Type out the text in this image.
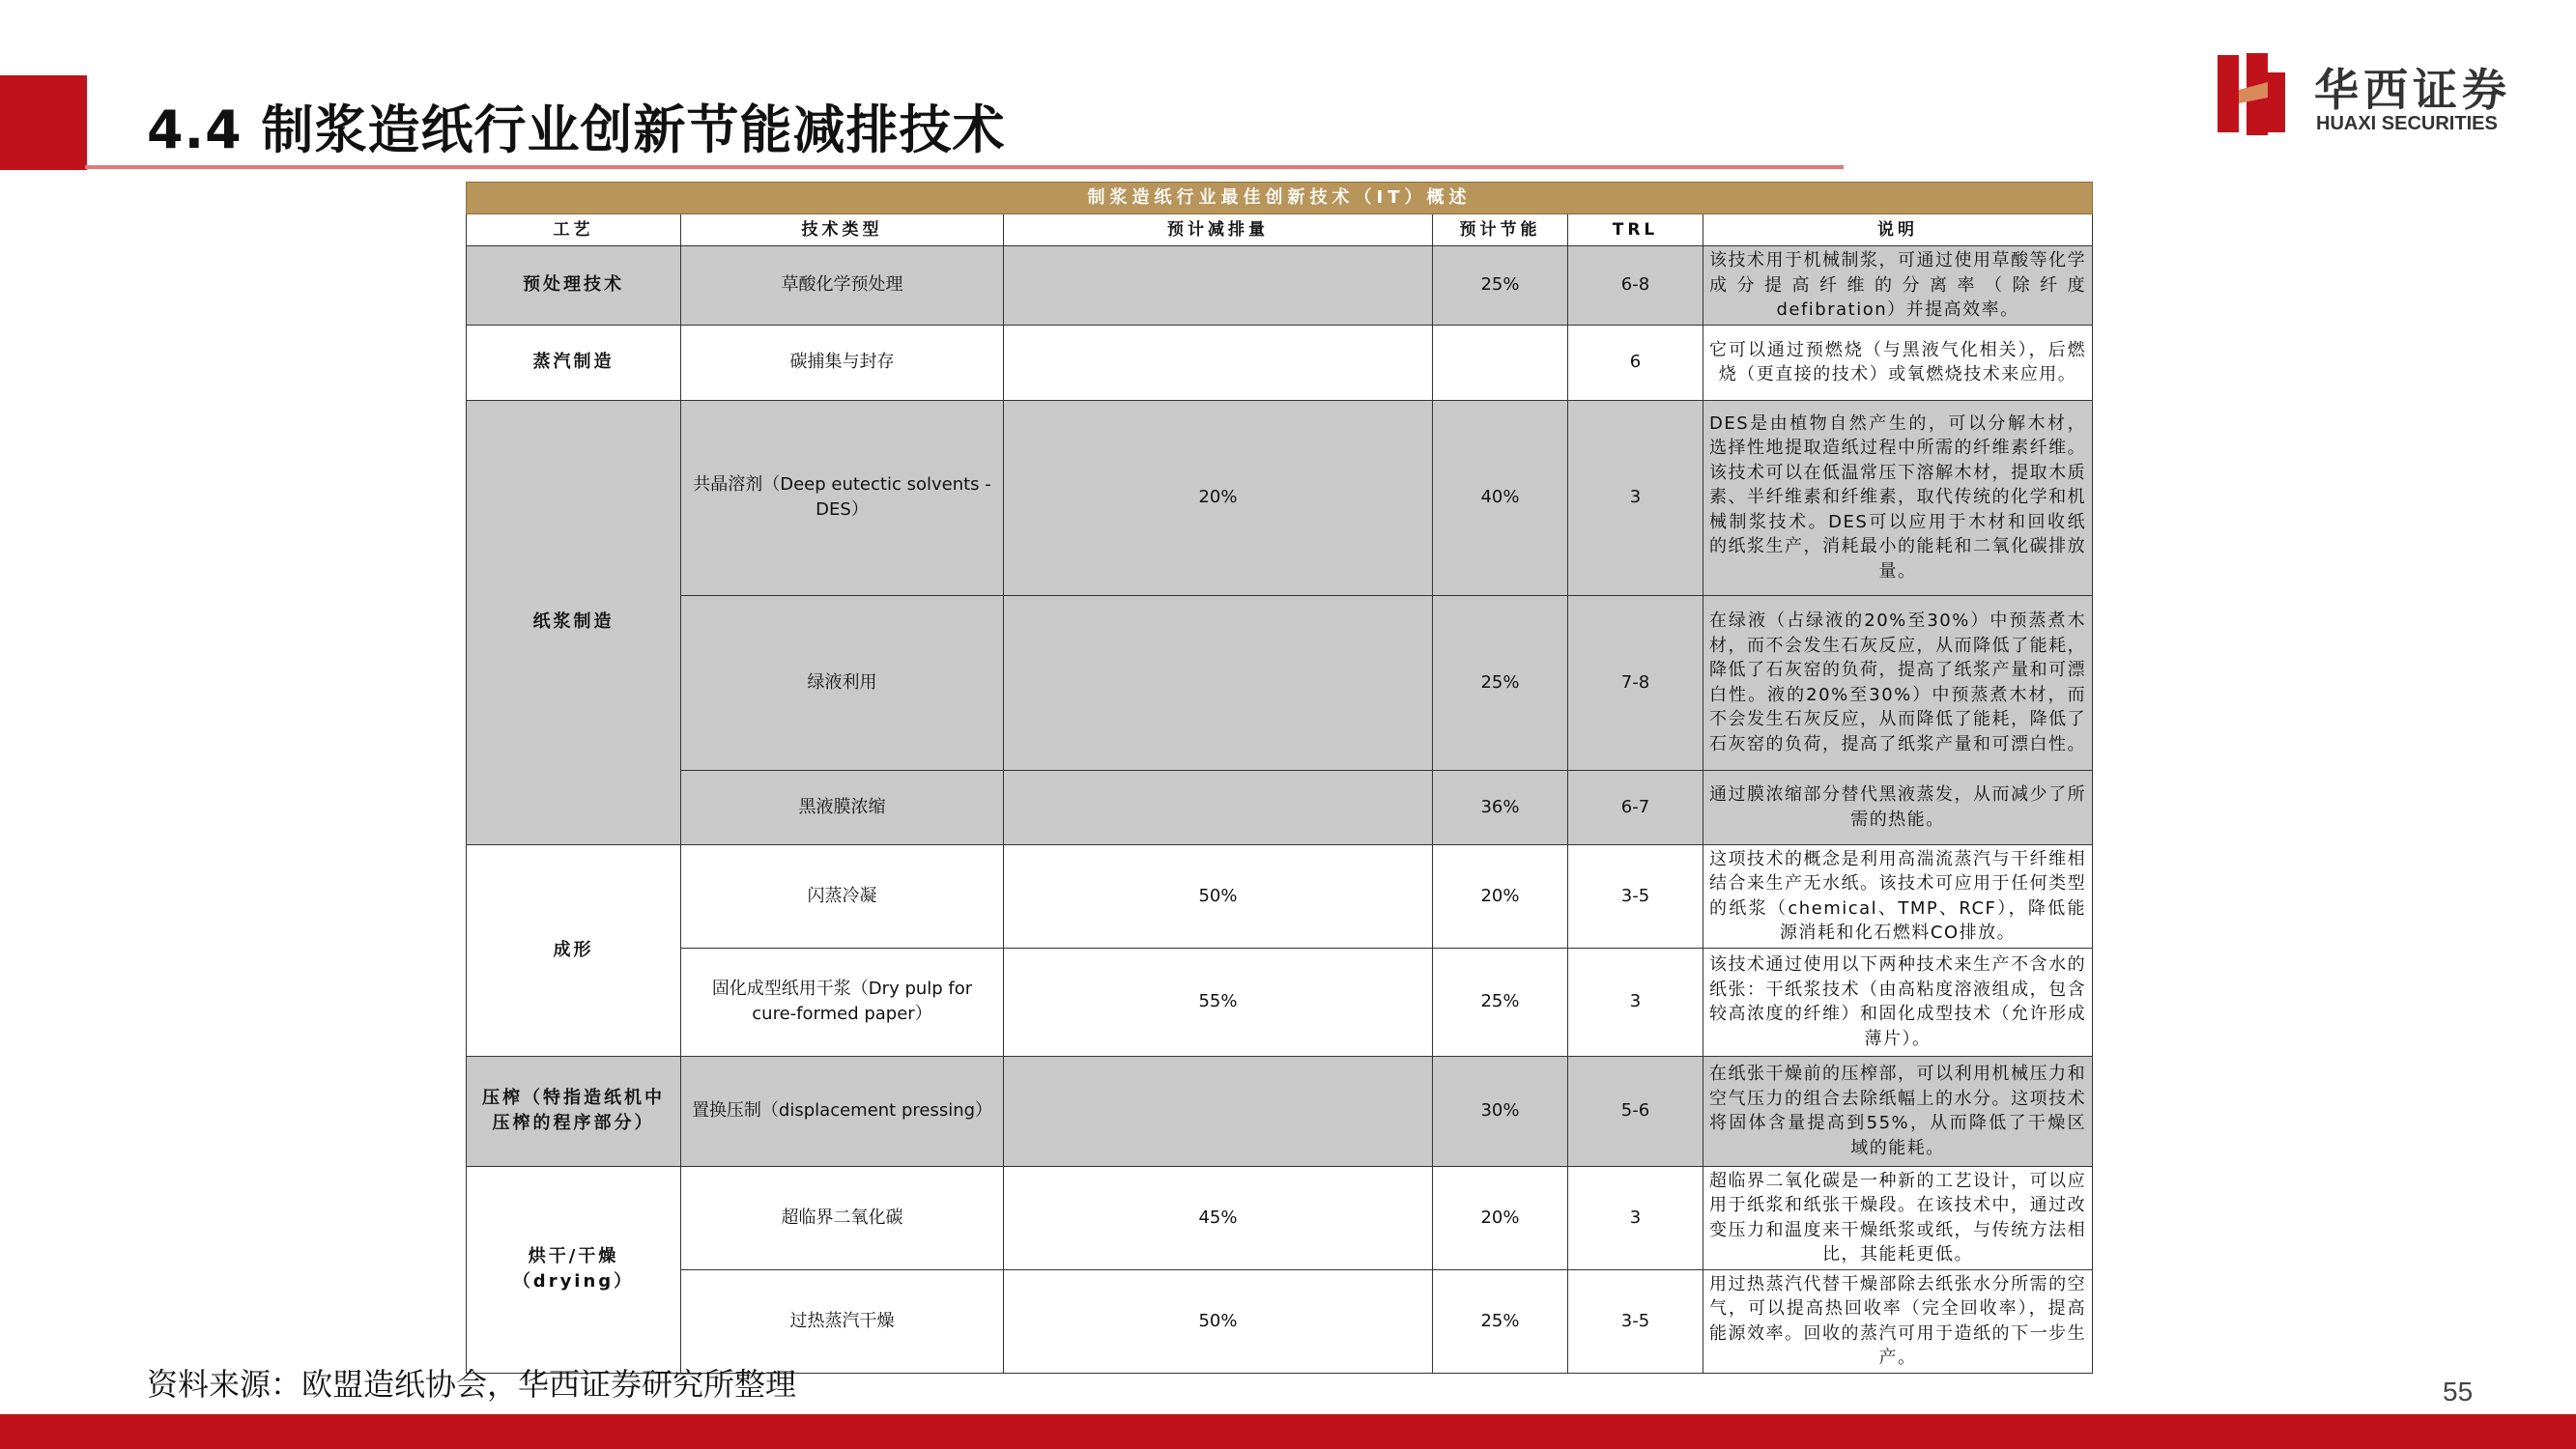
4.4 制浆造纸行业创新节能减排技术
华西证券
HUAXI SECURITIES
制浆造纸行业最佳创新技术（IT）概述					
工艺	技术类型	预计减排量	预计节能	TRL	说明
预处理技术	草酸化学预处理		25%	6-8	该技术用于机械制浆，可通过使用草酸等化学成分提高纤维的分离率（除纤度defibration）并提高效率。
蒸汽制造	碳捕集与封存			6	它可以通过预燃烧（与黑液气化相关），后燃烧（更直接的技术）或氧燃烧技术来应用。
纸浆制造	共晶溶剂（Deep eutectic solvents - DES）	20%	40%	3	DES是由植物自然产生的，可以分解木材，选择性地提取造纸过程中所需的纤维素纤维。该技术可以在低温常压下溶解木材，提取木质素、半纤维素和纤维素，取代传统的化学和机械制浆技术。DES可以应用于木材和回收纸的纸浆生产，消耗最小的能耗和二氧化碳排放量。
	绿液利用		25%	7-8	在绿液（占绿液的20%至30%）中预蒸煮木材，而不会发生石灰反应，从而降低了能耗，降低了石灰窑的负荷，提高了纸浆产量和可漂白性。液的20%至30%）中预蒸煮木材，而不会发生石灰反应，从而降低了能耗，降低了石灰窑的负荷，提高了纸浆产量和可漂白性。
	黑液膜浓缩		36%	6-7	通过膜浓缩部分替代黑液蒸发，从而减少了所需的热能。
成形	闪蒸冷凝	50%	20%	3-5	这项技术的概念是利用高湍流蒸汽与干纤维相结合来生产无水纸。该技术可应用于任何类型的纸浆（chemical、TMP、RCF），降低能源消耗和化石燃料CO排放。
	固化成型纸用干浆（Dry pulp for cure-formed paper）	55%	25%	3	该技术通过使用以下两种技术来生产不含水的纸张：干纸浆技术（由高粘度溶液组成，包含较高浓度的纤维）和固化成型技术（允许形成薄片）。
压榨（特指造纸机中压榨的程序部分）	置换压制（displacement pressing）		30%	5-6	在纸张干燥前的压榨部，可以利用机械压力和空气压力的组合去除纸幅上的水分。这项技术将固体含量提高到55%，从而降低了干燥区域的能耗。
烘干/干燥（drying）	超临界二氧化碳	45%	20%	3	超临界二氧化碳是一种新的工艺设计，可以应用于纸浆和纸张干燥段。在该技术中，通过改变压力和温度来干燥纸浆或纸，与传统方法相比，其能耗更低。
	过热蒸汽干燥	50%	25%	3-5	用过热蒸汽代替干燥部除去纸张水分所需的空气，可以提高热回收率（完全回收率），提高能源效率。回收的蒸汽可用于造纸的下一步生产。
资料来源：欧盟造纸协会，华西证券研究所整理	55
